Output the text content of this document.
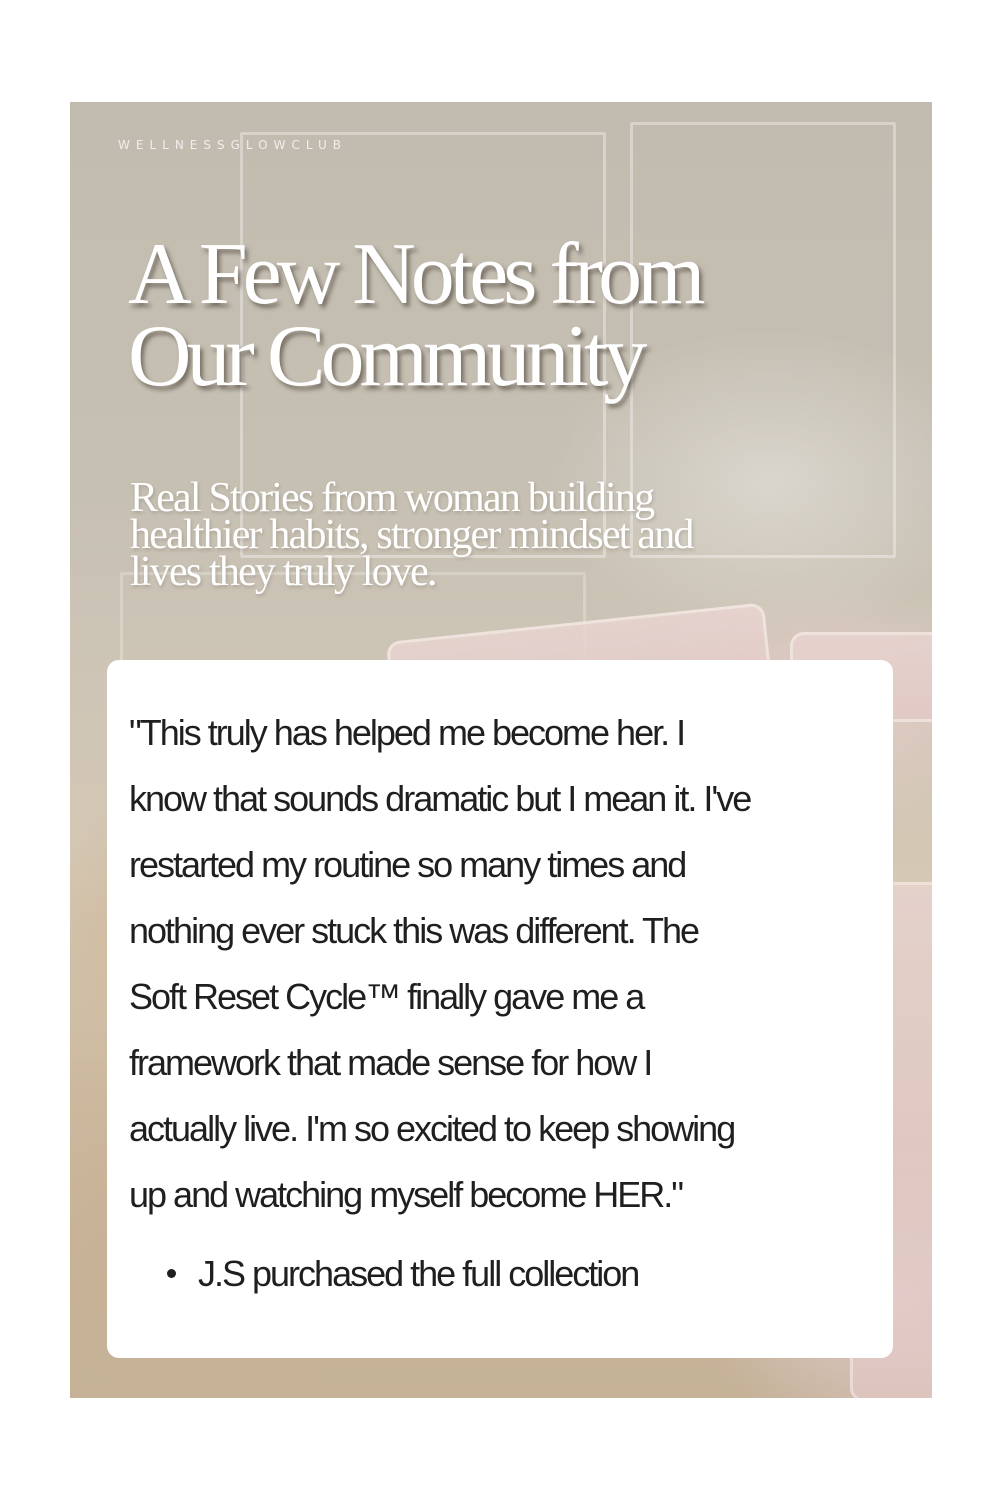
WELLNESSGLOWCLUB
A Few Notes from
Our Community

Real Stories from woman building
healthier habits, stronger mindset and
lives they truly love.

"This truly has helped me become her. I
know that sounds dramatic but I mean it. I've
restarted my routine so many times and
nothing ever stuck this was different. The
Soft Reset Cycle™ finally gave me a
framework that made sense for how I
actually live. I'm so excited to keep showing
up and watching myself become HER."

J.S purchased the full collection
